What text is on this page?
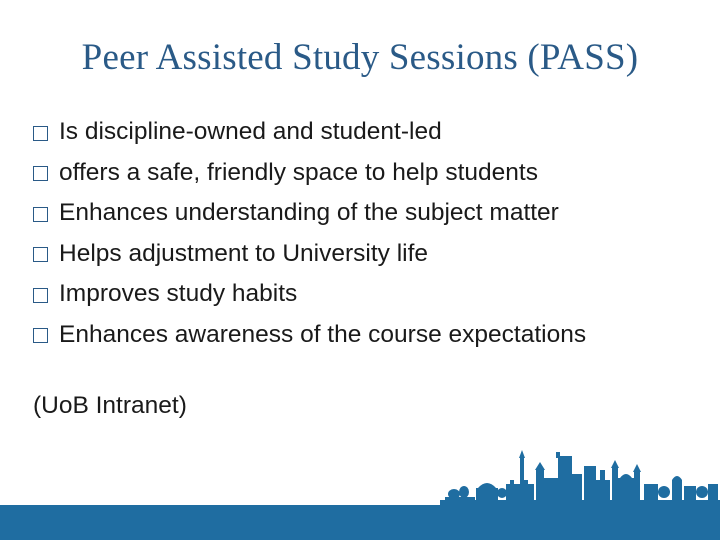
Peer Assisted Study Sessions (PASS)
Is discipline-owned and student-led
offers a safe, friendly space to help students
Enhances understanding of the subject matter
Helps adjustment to University life
Improves study habits
Enhances awareness of the course expectations

(UoB Intranet)
